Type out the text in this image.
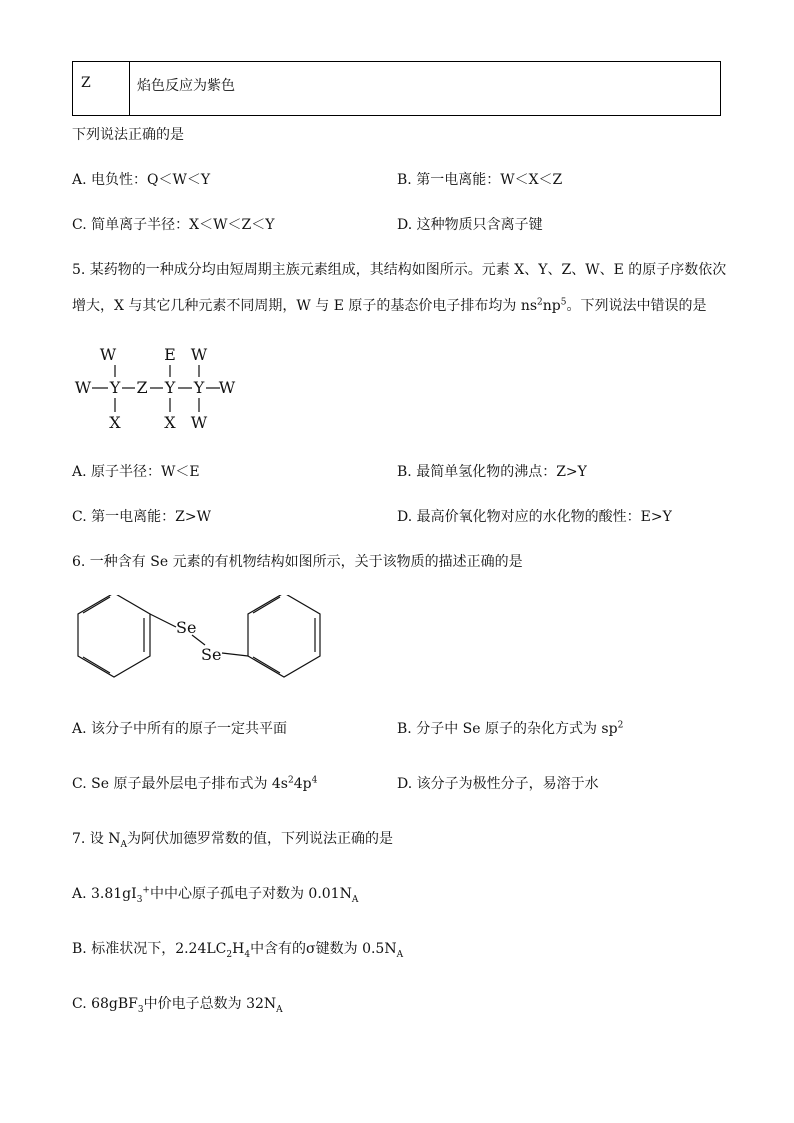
Z	焰色反应为紫色
下列说法正确的是
A. 电负性：Q＜W＜Y	B. 第一电离能：W＜X＜Z
C. 简单离子半径：X＜W＜Z＜Y	D. 这种物质只含离子键
5. 某药物的一种成分均由短周期主族元素组成，其结构如图所示。元素 X、Y、Z、W、E 的原子序数依次
增大，X 与其它几种元素不同周期，W 与 E 原子的基态价电子排布均为 $ns^2np^5$。下列说法中错误的是
W	E W
W Y Z Y Y W
X	X W
A. 原子半径：W＜E	B. 最简单氢化物的沸点：Z>Y
C. 第一电离能：Z>W	D. 最高价氧化物对应的水化物的酸性：E>Y
6. 一种含有 Se 元素的有机物结构如图所示，关于该物质的描述正确的是
Se
Se
A. 该分子中所有的原子一定共平面	B. 分子中 Se 原子的杂化方式为 $sp^2$
C. Se 原子最外层电子排布式为 $4s^24p^4$	D. 该分子为极性分子，易溶于水
7. 设 $N_A$为阿伏加德罗常数的值，下列说法正确的是
A. $3.81gI_3^+$中中心原子孤电子对数为 $0.01N_A$
B. 标准状况下，$2.24LC_2H_4$中含有的σ键数为 $0.5N_A$
C. 68gBF$_3$中价电子总数为 $32N_A$
